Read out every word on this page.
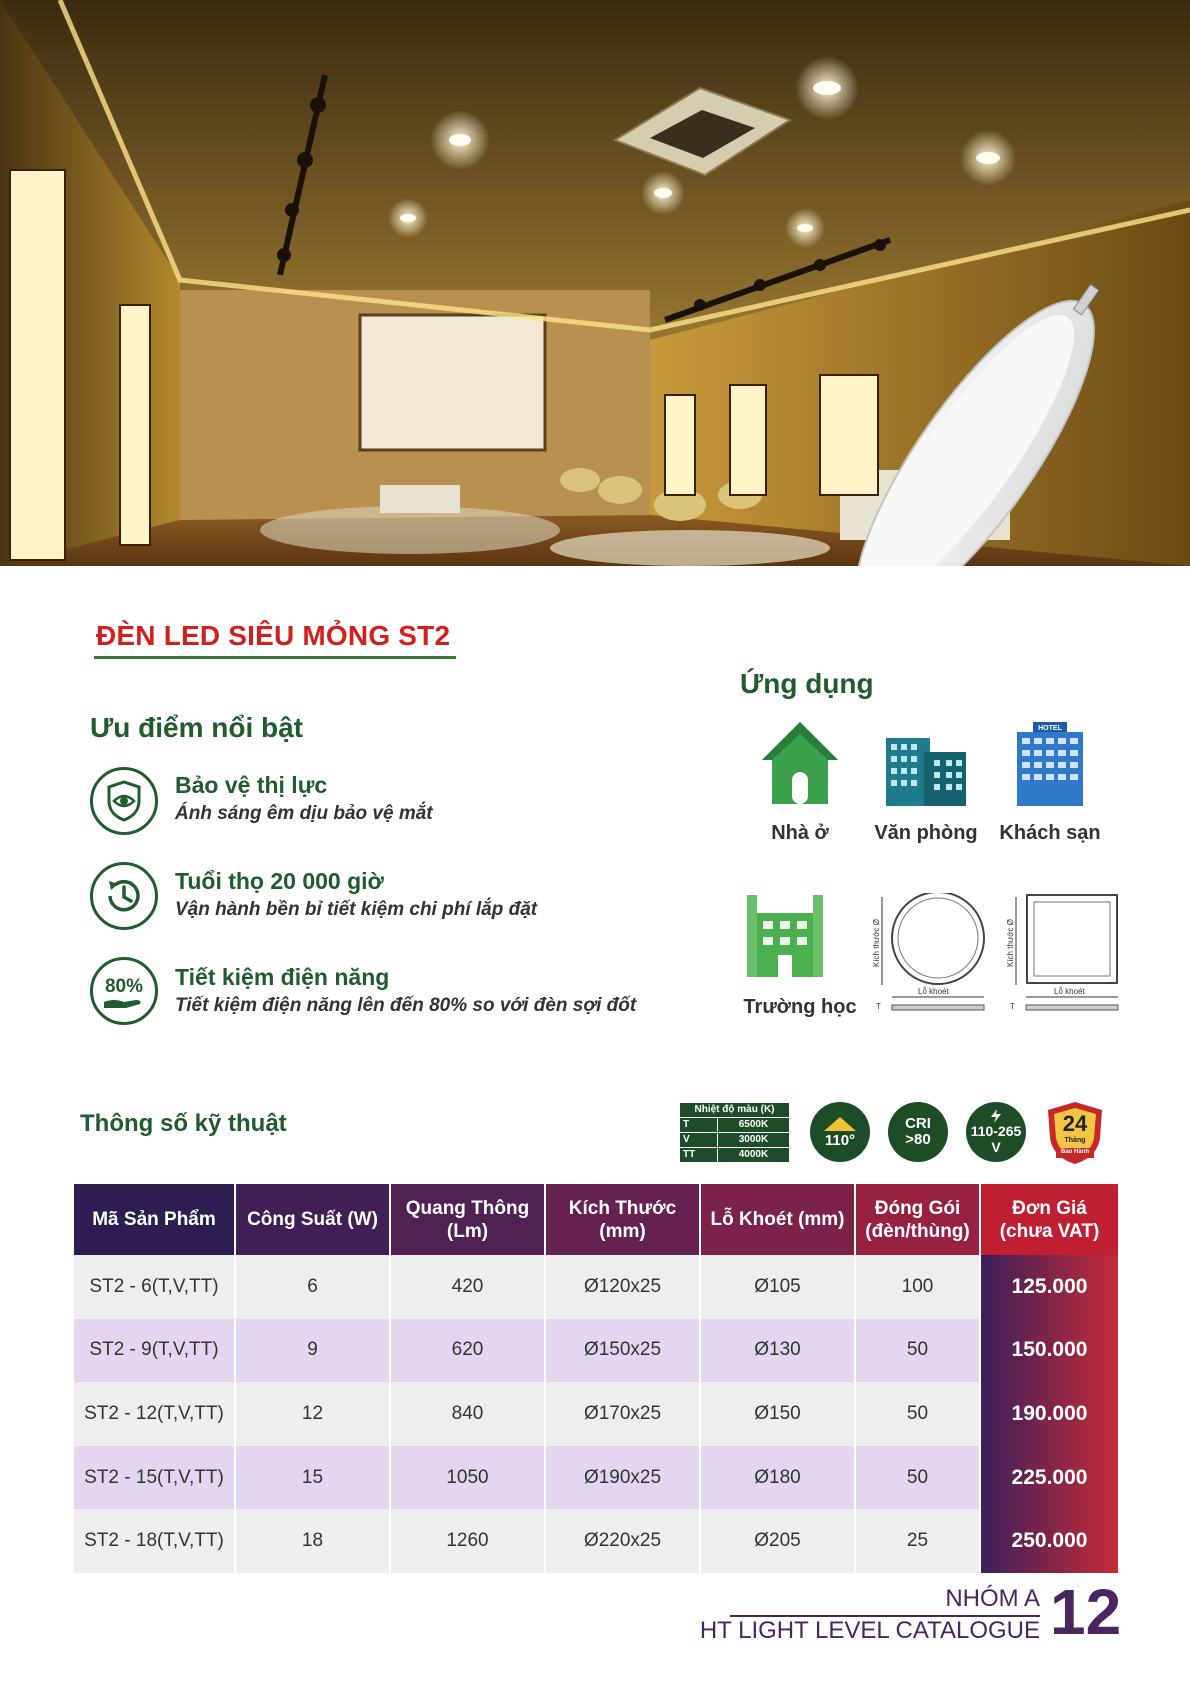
ĐÈN LED SIÊU MỎNG ST2
Ưu điểm nổi bật
Bảo vệ thị lực
Ánh sáng êm dịu bảo vệ mắt
Tuổi thọ 20 000 giờ
Vận hành bền bỉ tiết kiệm chi phí lắp đặt
80% Tiết kiệm điện năng
Tiết kiệm điện năng lên đến 80% so với đèn sợi đốt
Ứng dụng
Nhà ở	Văn phòng
HOTEL
Khách sạn
Trường học
Kích thước Ø
Lỗ khoét
T
Kích thước Ø
Lỗ khoét
T
Thông số kỹ thuật
Nhiệt độ màu (K)	
T	6500K
V	3000K
TT	4000K
110°
CRI
>80	110-265
V
24
Tháng
Bảo Hành
Mã Sản Phẩm	Công Suất (W)	Quang Thông (Lm)	Kích Thước (mm)	Lỗ Khoét (mm)	Đóng Gói (đèn/thùng)	Đơn Giá (chưa VAT)
ST2 - 6(T,V,TT)	6	420	Ø120x25	Ø105	100	125.000
ST2 - 9(T,V,TT)	9	620	Ø150x25	Ø130	50	150.000
ST2 - 12(T,V,TT)	12	840	Ø170x25	Ø150	50	190.000
ST2 - 15(T,V,TT)	15	1050	Ø190x25	Ø180	50	225.000
ST2 - 18(T,V,TT)	18	1260	Ø220x25	Ø205	25	250.000
NHÓM A
HT LIGHT LEVEL CATALOGUE 12
